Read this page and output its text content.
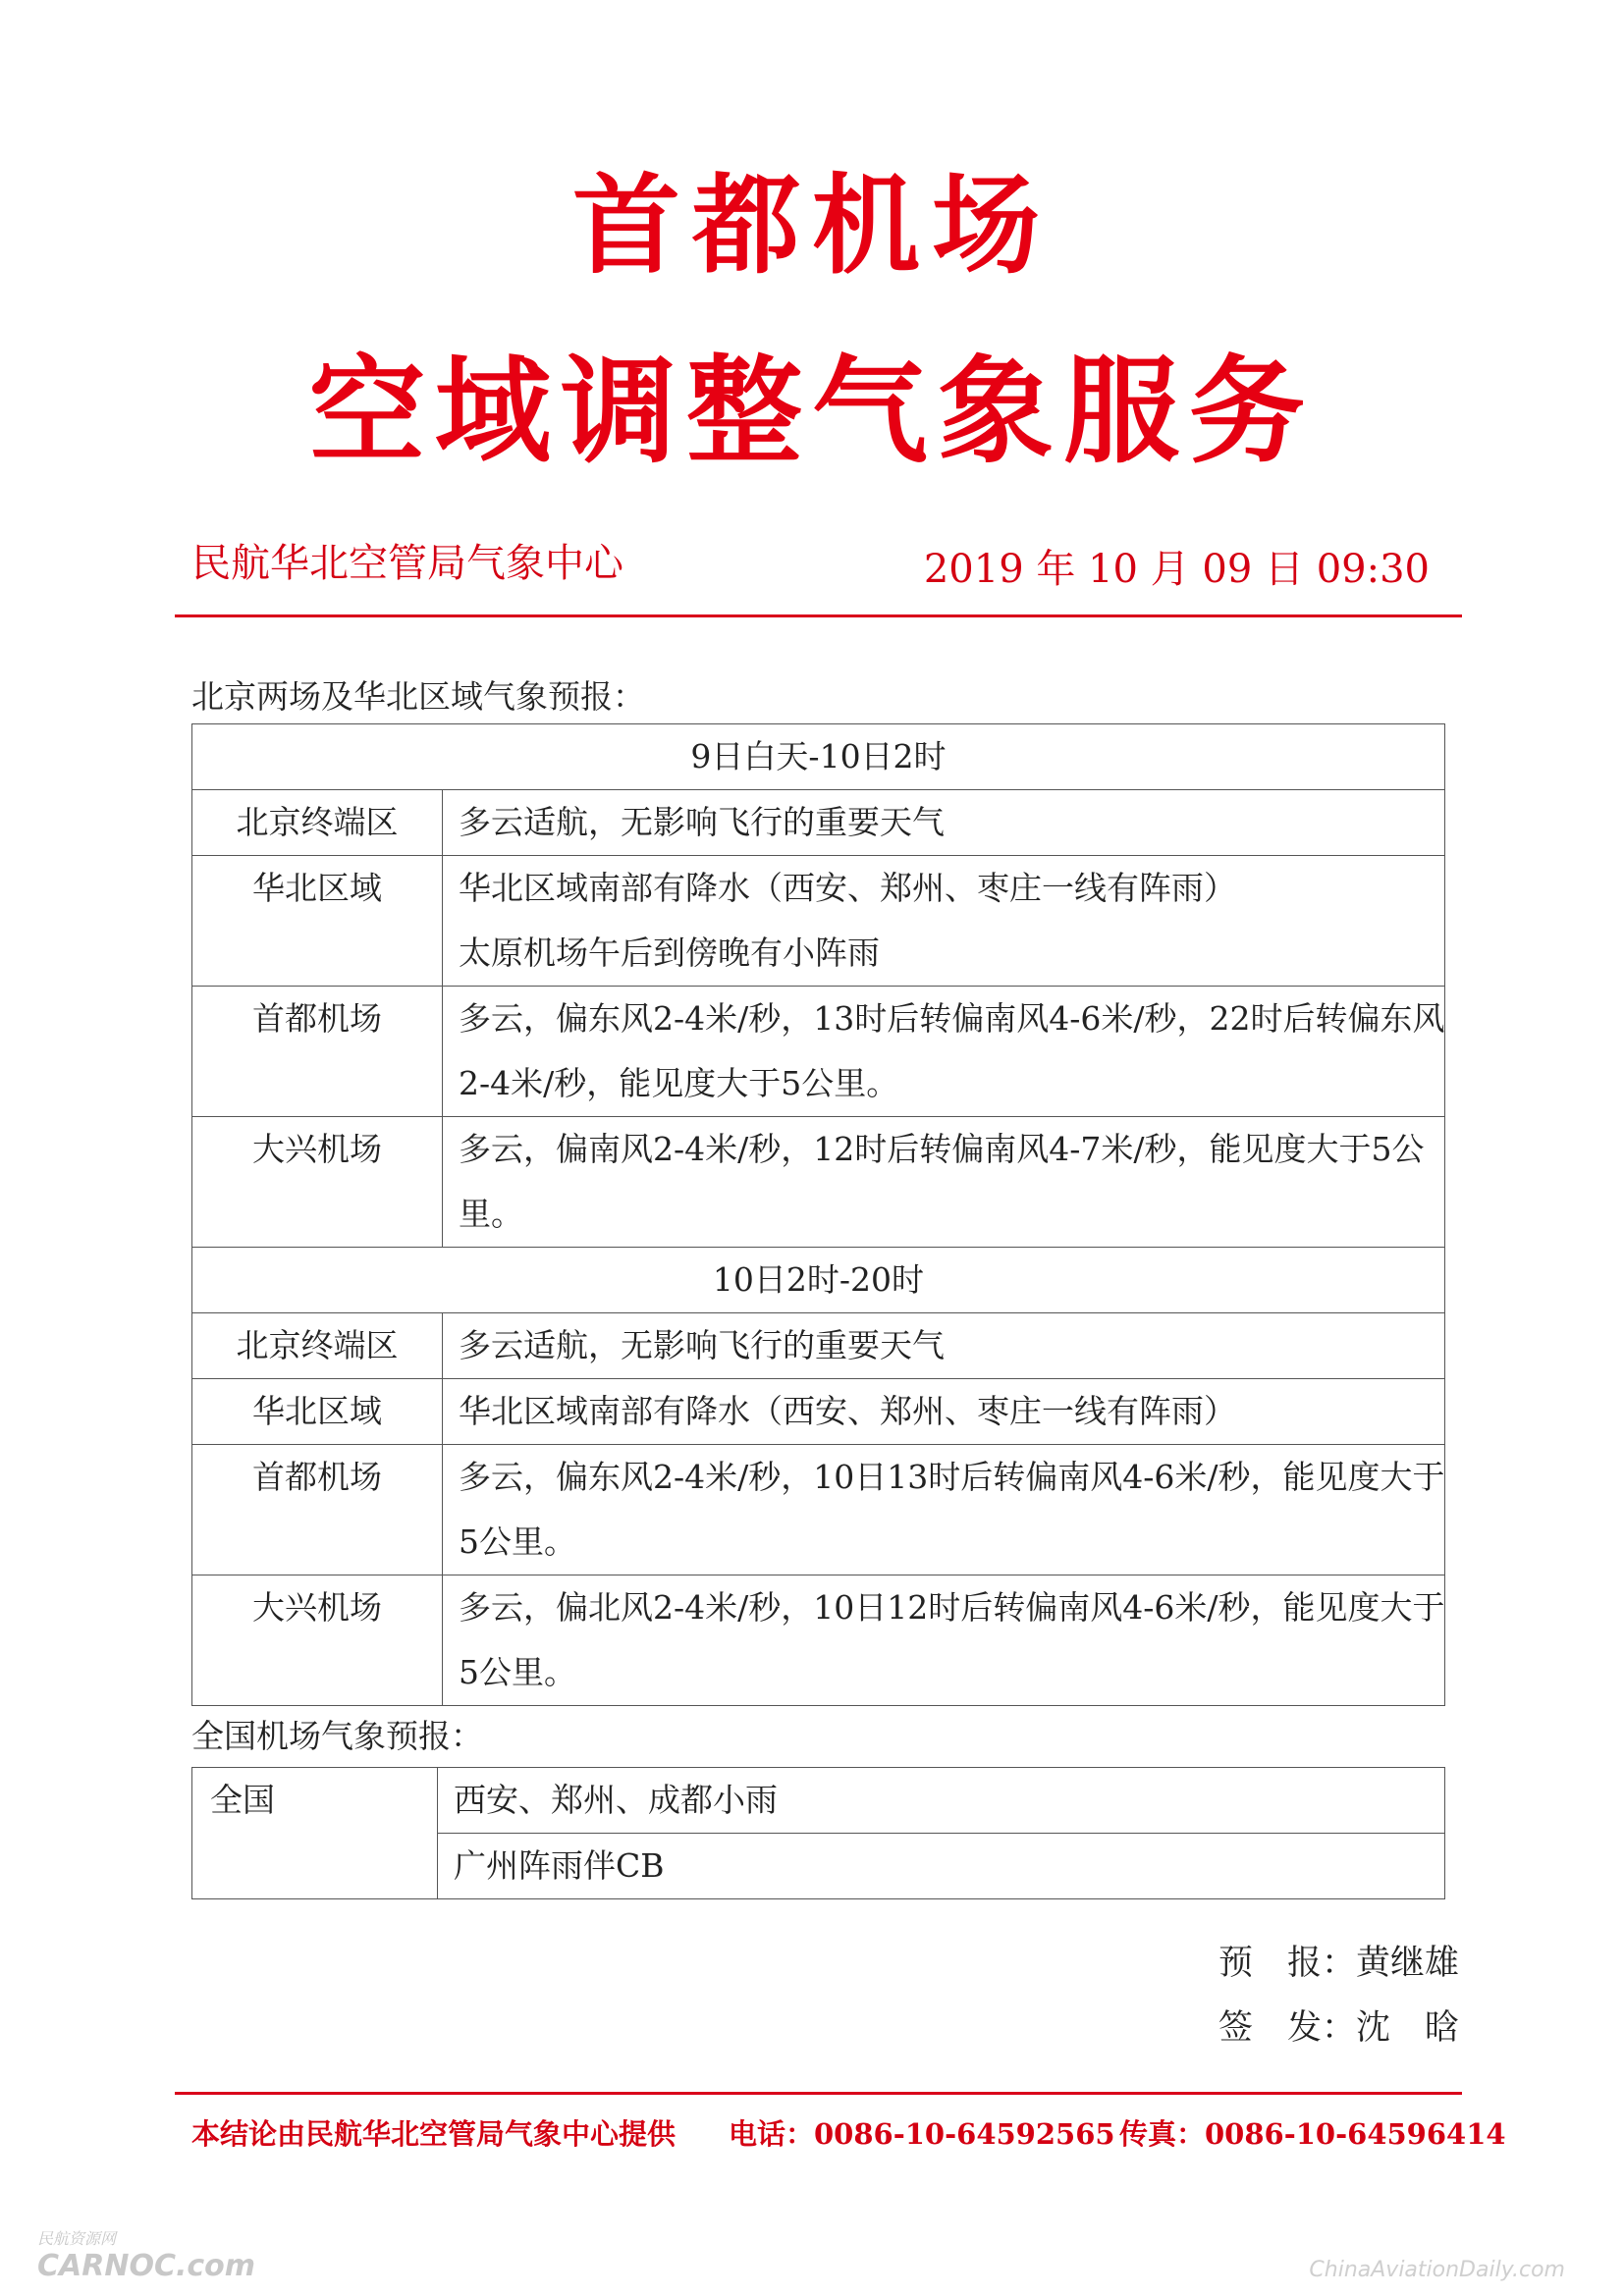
首都机场
空域调整气象服务
民航华北空管局气象中心	2019 年 10 月 09 日 09:30
北京两场及华北区域气象预报：
9日白天-10日2时	
北京终端区	多云适航，无影响飞行的重要天气

华北区域	华北区域南部有降水（西安、郑州、枣庄一线有阵雨）
太原机场午后到傍晚有小阵雨

首都机场	多云，偏东风2-4米/秒，13时后转偏南风4-6米/秒，22时后转偏东风
2-4米/秒，能见度大于5公里。

大兴机场	多云，偏南风2-4米/秒，12时后转偏南风4-7米/秒，能见度大于5公
里。

10日2时-20时	
北京终端区	多云适航，无影响飞行的重要天气

华北区域	华北区域南部有降水（西安、郑州、枣庄一线有阵雨）

首都机场	多云，偏东风2-4米/秒，10日13时后转偏南风4-6米/秒，能见度大于
5公里。

大兴机场	多云，偏北风2-4米/秒，10日12时后转偏南风4-6米/秒，能见度大于
5公里。
全国机场气象预报：
全国	西安、郑州、成都小雨
广州阵雨伴CB
预　报：黄继雄
签　发：沈　晗
本结论由民航华北空管局气象中心提供 电话：0086-10-64592565 传真：0086-10-64596414
民航资源网
CARNOC.com	ChinaAviationDaily.com
